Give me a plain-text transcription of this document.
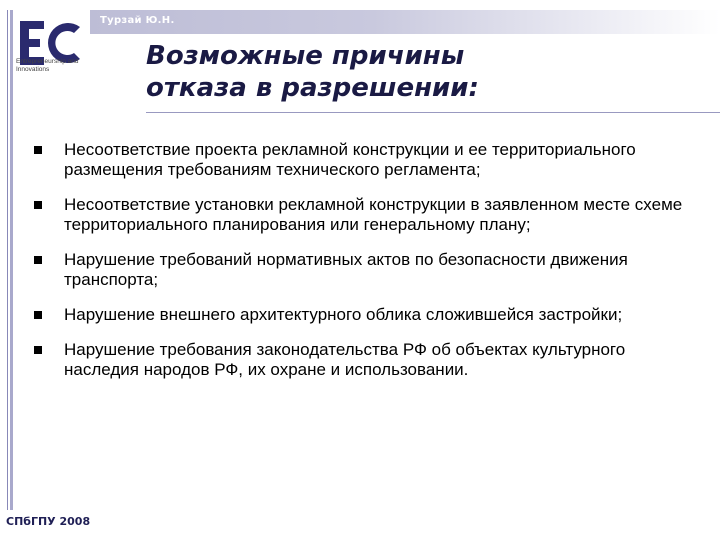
Турзай Ю.Н.
Entrepreneurship and Innovations	Возможные причины
отказа в разрешении:
Несоответствие проекта рекламной конструкции и ее территориального размещения требованиям технического регламента;
Несоответствие установки рекламной конструкции в заявленном месте схеме территориального планирования или генеральному плану;
Нарушение требований нормативных актов по безопасности движения транспорта;
Нарушение внешнего архитектурного облика сложившейся застройки;
Нарушение требования законодательства РФ об объектах культурного наследия народов РФ, их охране и использовании.
СПбГПУ 2008
